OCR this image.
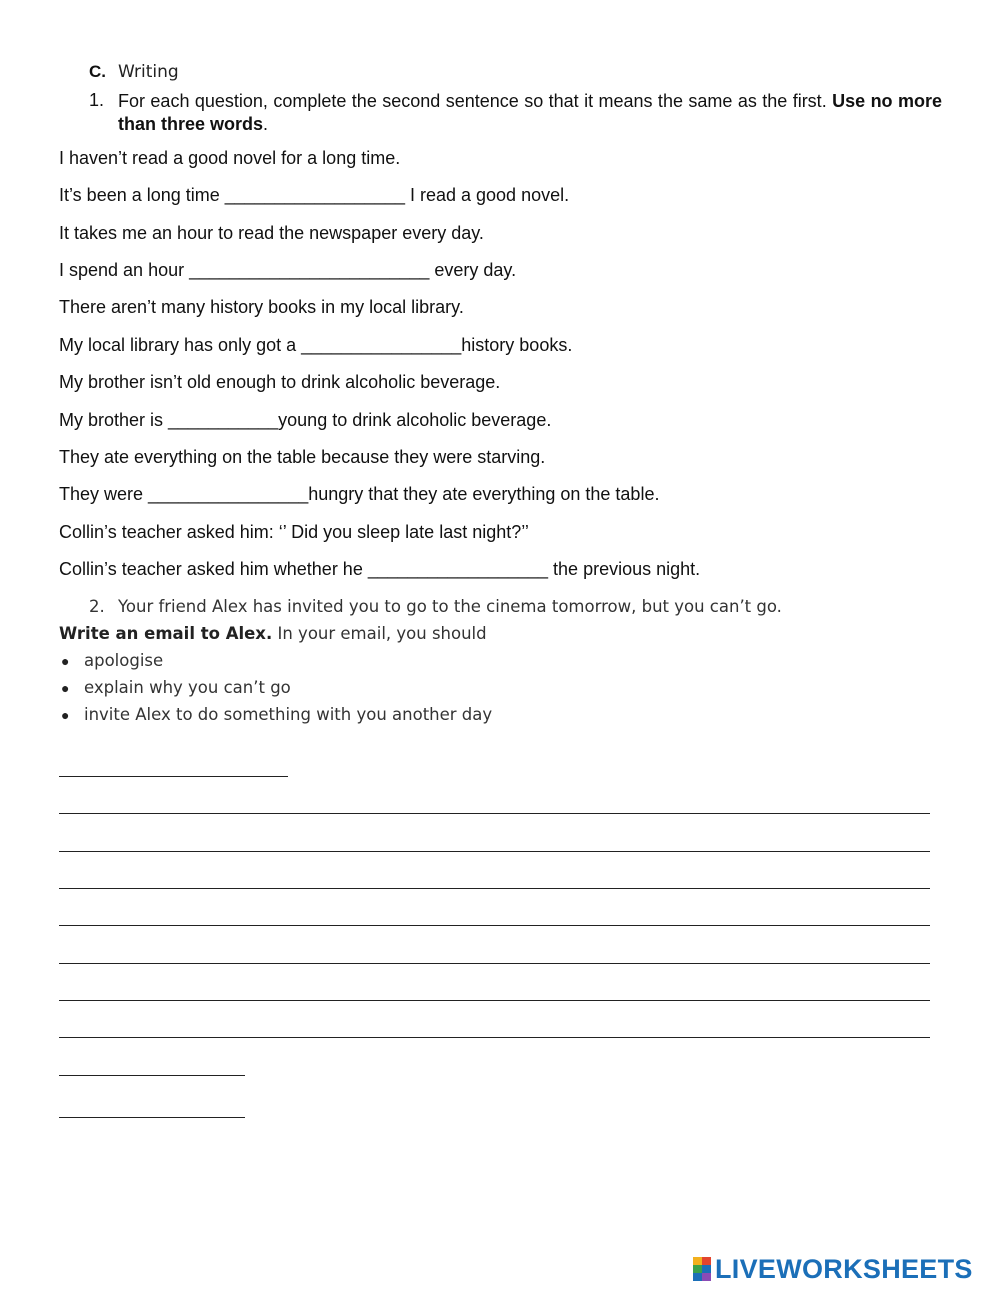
C. Writing
1. For each question, complete the second sentence so that it means the same as the first. Use no more than three words.
I haven’t read a good novel for a long time.
It’s been a long time __________________ I read a good novel.
It takes me an hour to read the newspaper every day.
I spend an hour ________________________ every day.
There aren’t many history books in my local library.
My local library has only got a ________________history books.
My brother isn’t old enough to drink alcoholic beverage.
My brother is ___________young to drink alcoholic beverage.
They ate everything on the table because they were starving.
They were ________________hungry that they ate everything on the table.
Collin’s teacher asked him: ‘’ Did you sleep late last night?’’
Collin’s teacher asked him whether he __________________ the previous night.
2. Your friend Alex has invited you to go to the cinema tomorrow, but you can’t go.
Write an email to Alex. In your email, you should
● apologise
● explain why you can’t go
● invite Alex to do something with you another day
LIVEWORKSHEETS
